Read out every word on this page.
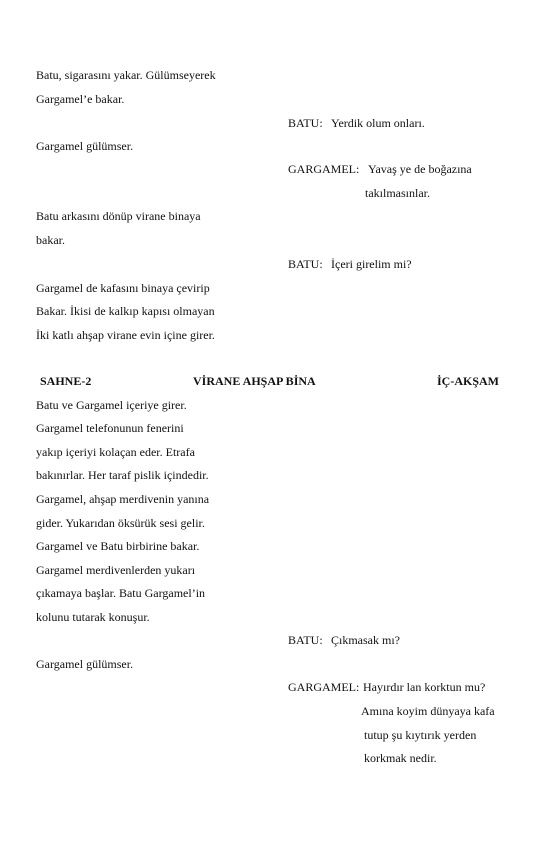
Batu, sigarasını yakar. Gülümseyerek
Gargamel’e bakar.
BATU: Yerdik olum onları.
Gargamel gülümser.
GARGAMEL: Yavaş ye de boğazına
takılmasınlar.
Batu arkasını dönüp virane binaya
bakar.
BATU: İçeri girelim mi?
Gargamel de kafasını binaya çevirip
Bakar. İkisi de kalkıp kapısı olmayan
İki katlı ahşap virane evin içine girer.
SAHNE-2	VİRANE AHŞAP BİNA	İÇ-AKŞAM
Batu ve Gargamel içeriye girer.
Gargamel telefonunun fenerini
yakıp içeriyi kolaçan eder. Etrafa
bakınırlar. Her taraf pislik içindedir.
Gargamel, ahşap merdivenin yanına
gider. Yukarıdan öksürük sesi gelir.
Gargamel ve Batu birbirine bakar.
Gargamel merdivenlerden yukarı
çıkamaya başlar. Batu Gargamel’in
kolunu tutarak konuşur.
BATU: Çıkmasak mı?
Gargamel gülümser.
GARGAMEL: Hayırdır lan korktun mu?
Amına koyim dünyaya kafa
tutup şu kıytırık yerden
korkmak nedir.
